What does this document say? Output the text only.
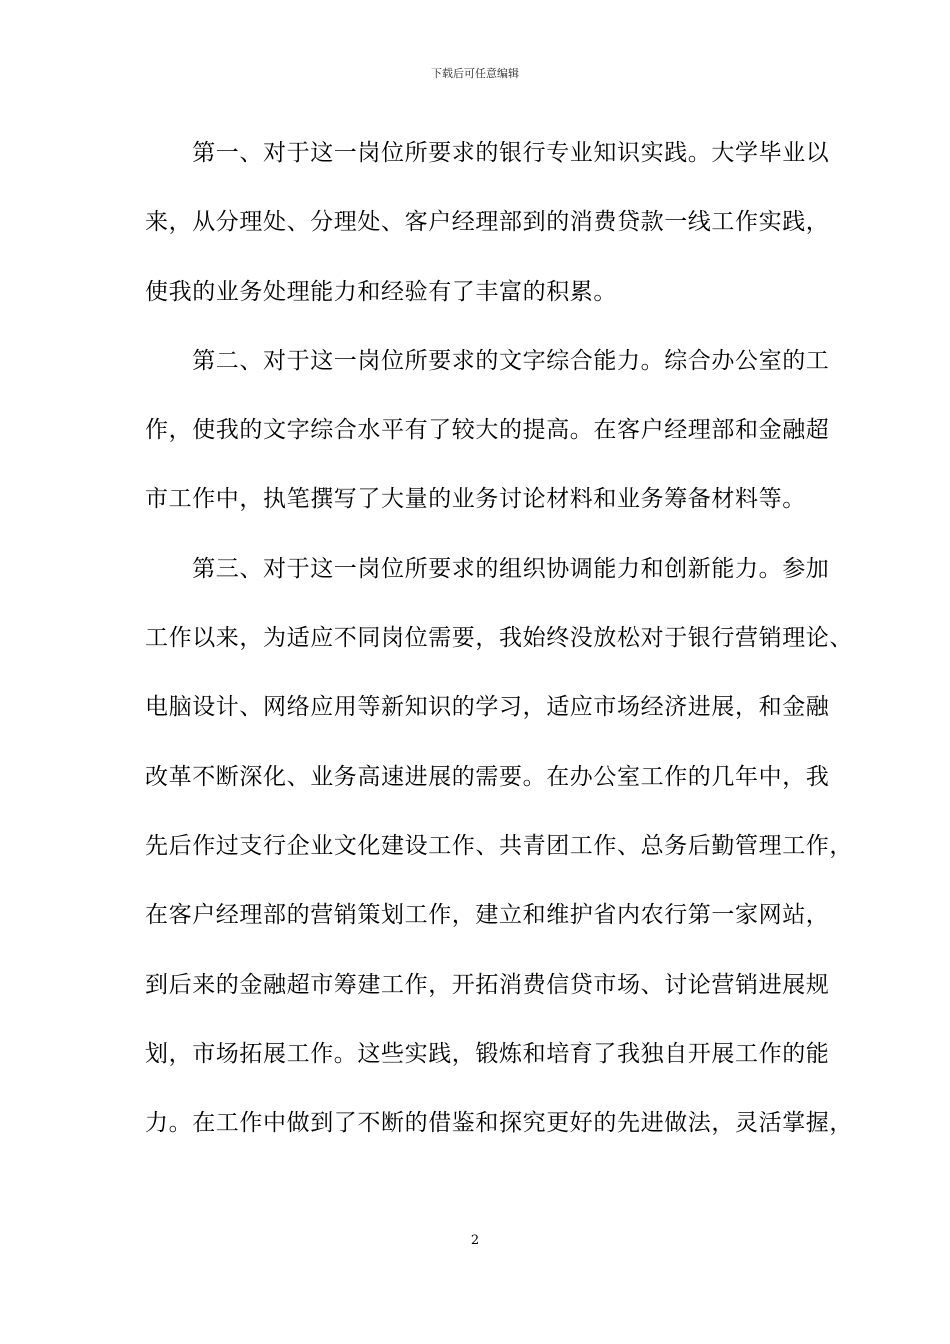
下载后可任意编辑
　　第一、对于这一岗位所要求的银行专业知识实践。大学毕业以
来，从分理处、分理处、客户经理部到的消费贷款一线工作实践，
使我的业务处理能力和经验有了丰富的积累。
　　第二、对于这一岗位所要求的文字综合能力。综合办公室的工
作，使我的文字综合水平有了较大的提高。在客户经理部和金融超
市工作中，执笔撰写了大量的业务讨论材料和业务筹备材料等。
　　第三、对于这一岗位所要求的组织协调能力和创新能力。参加
工作以来，为适应不同岗位需要，我始终没放松对于银行营销理论、
电脑设计、网络应用等新知识的学习，适应市场经济进展，和金融
改革不断深化、业务高速进展的需要。在办公室工作的几年中，我
先后作过支行企业文化建设工作、共青团工作、总务后勤管理工作，
在客户经理部的营销策划工作，建立和维护省内农行第一家网站，
到后来的金融超市筹建工作，开拓消费信贷市场、讨论营销进展规
划，市场拓展工作。这些实践，锻炼和培育了我独自开展工作的能
力。在工作中做到了不断的借鉴和探究更好的先进做法，灵活掌握，
2
